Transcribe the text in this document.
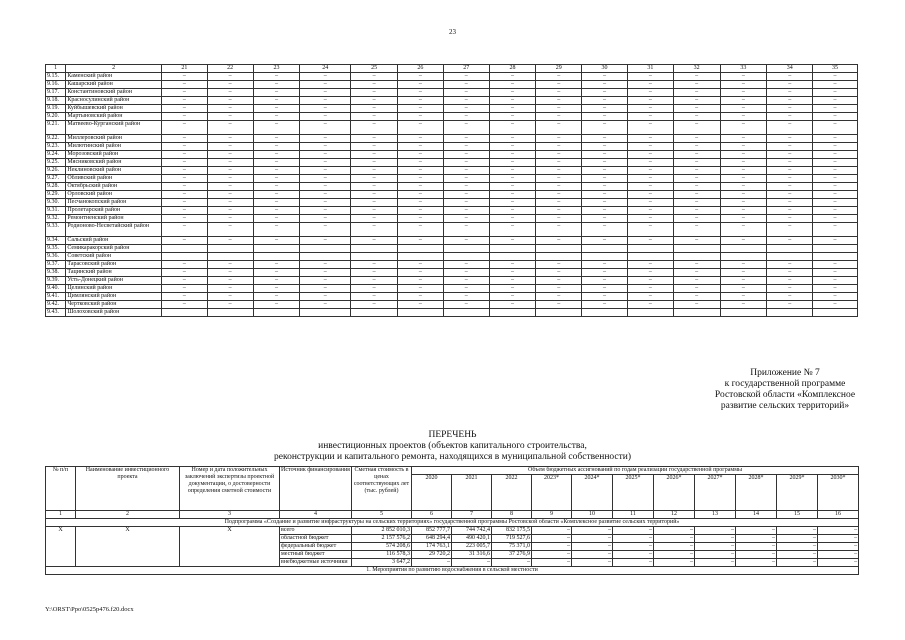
23
1	2	21	22	23	24	25	26	27	28	29	30	31	32	33	34	35
9.15.	Каменский район	–	–	–	–	–	–	–	–	–	–	–	–	–	–	–
9.16.	Кашарский район	–	–	–	–	–	–	–	–	–	–	–	–	–	–	–
9.17.	Константиновский район	–	–	–	–	–	–	–	–	–	–	–	–	–	–	–
9.18.	Красносулинский район	–	–	–	–	–	–	–	–	–	–	–	–	–	–	–
9.19.	Куйбышевский район	–	–	–	–	–	–	–	–	–	–	–	–	–	–	–
9.20.	Мартыновский район	–	–	–	–	–	–	–	–	–	–	–	–	–	–	–
9.21.	Матвеево-Курганский район	–	–	–	–	–	–	–	–	–	–	–	–	–	–	–
9.22.	Миллеровский район	–	–	–	–	–	–	–	–	–	–	–	–	–	–	–
9.23.	Милютинский район	–	–	–	–	–	–	–	–	–	–	–	–	–	–	–
9.24.	Морозовский район	–	–	–	–	–	–	–	–	–	–	–	–	–	–	–
9.25.	Мясниковский район	–	–	–	–	–	–	–	–	–	–	–	–	–	–	–
9.26.	Неклиновский район	–	–	–	–	–	–	–	–	–	–	–	–	–	–	–
9.27.	Обливский район	–	–	–	–	–	–	–	–	–	–	–	–	–	–	–
9.28.	Октябрьский район	–	–	–	–	–	–	–	–	–	–	–	–	–	–	–
9.29.	Орловский район	–	–	–	–	–	–	–	–	–	–	–	–	–	–	–
9.30.	Песчанокопский район	–	–	–	–	–	–	–	–	–	–	–	–	–	–	–
9.31.	Пролетарский район	–	–	–	–	–	–	–	–	–	–	–	–	–	–	–
9.32.	Ремонтненский район	–	–	–	–	–	–	–	–	–	–	–	–	–	–	–
9.33.	Родионово-Несветайский район	–	–	–	–	–	–	–	–	–	–	–	–	–	–	–
9.34.	Сальский район	–	–	–	–	–	–	–	–	–	–	–	–	–	–	–
9.35.	Семикаракорский район															
9.36.	Советский район															
9.37.	Тарасовский район	–	–	–	–	–	–	–	–	–	–	–	–	–	–	–
9.38.	Тацинский район	–	–	–	–	–	–	–	–	–	–	–	–	–	–	–
9.39.	Усть-Донецкий район	–	–	–	–	–	–	–	–	–	–	–	–	–	–	–
9.40.	Целинский район	–	–	–	–	–	–	–	–	–	–	–	–	–	–	–
9.41.	Цимлянский район	–	–	–	–	–	–	–	–	–	–	–	–	–	–	–
9.42.	Чертковский район	–	–	–	–	–	–	–	–	–	–	–	–	–	–	–
9.43.	Шолоховский район															
Приложение № 7
к государственной программе
Ростовской области «Комплексное
развитие сельских территорий»
ПЕРЕЧЕНЬ
инвестиционных проектов (объектов капитального строительства,
реконструкции и капитального ремонта, находящихся в муниципальной собственности)
№ п/п	Наименование инвестиционного проекта	Номер и дата положительных заключений экспертизы проектной документации, о достоверности определения сметной стоимости	Источник финансирования	Сметная стоимость в ценах соответствующих лет (тыс. рублей)	Объем бюджетных ассигнований по годам реализации государственной программы										
					2020	2021	2022	2023*	2024*	2025*	2026*	2027*	2028*	2029*	2030*
1	2	3	4	5	6	7	8	9	10	11	12	13	14	15	16
Подпрограмма «Создание и развитие инфраструктуры на сельских территориях» государственной программы Ростовской области «Комплексное развитие сельских территорий»															
X	X	X	всего	2 852 010,3	852 777,7	744 742,4	832 175,5	–	–	–	–	–	–	–	–
			областной бюджет	2 157 576,2	648 294,4	490 420,1	719 527,6	–	–	–	–	–	–	–	–
			федеральный бюджет	574 208,6	174 763,1	223 005,7	75 371,0	–	–	–	–	–	–	–	–
			местный бюджет	116 578,3	29 720,2	31 316,6	37 276,9	–	–	–	–	–	–	–	–
			внебюджетные источники	3 647,2	–	–	–	–	–	–	–	–	–	–	–
1. Мероприятия по развитию водоснабжения в сельской местности															
Y:\ORST\Ppo\0525p476.f20.docx
